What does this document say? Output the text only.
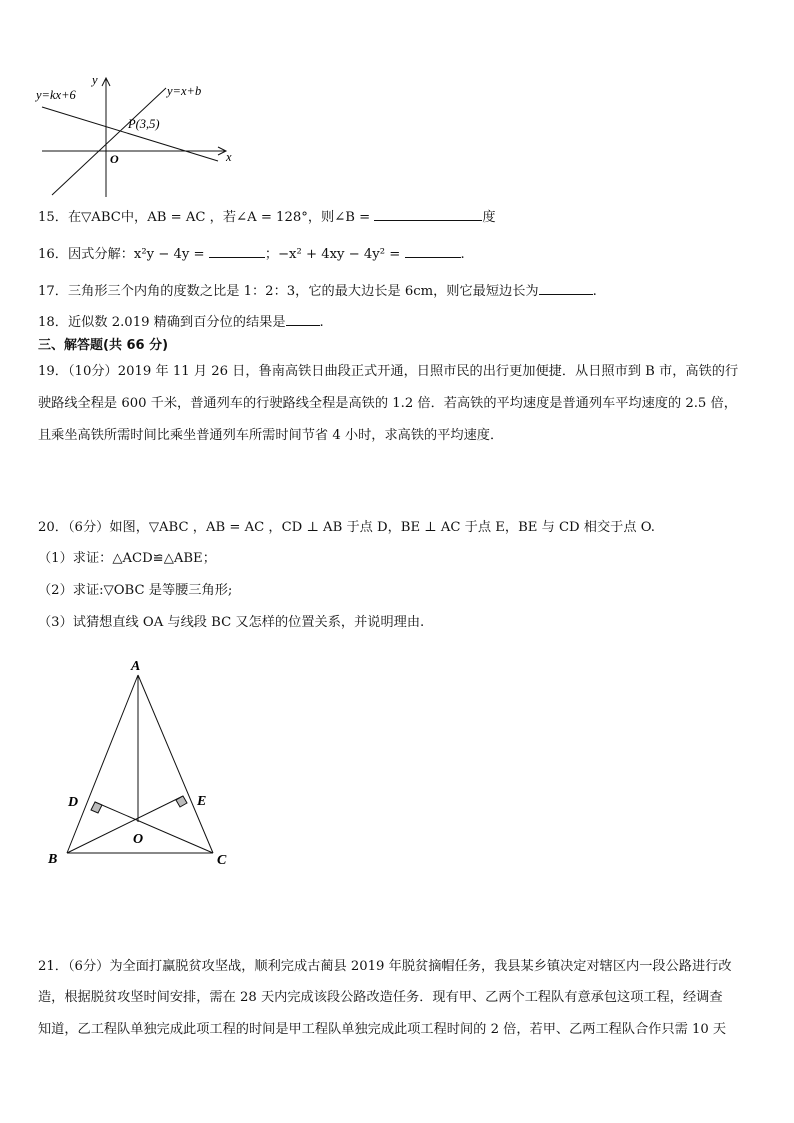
y=kx+6	y=x+b
P(3,5)
O	x
y
15．在▽ABC中，AB = AC ，若∠A = 128°，则∠B =	度
16．因式分解：x²y − 4y =	；−x² + 4xy − 4y² =	.
17．三角形三个内角的度数之比是 1：2：3，它的最大边长是 6cm，则它最短边长为	.
18．近似数 2.019 精确到百分位的结果是	.
三、解答题(共 66 分)
19．（10分）2019 年 11 月 26 日，鲁南高铁日曲段正式开通，日照市民的出行更加便捷．从日照市到 B 市，高铁的行
驶路线全程是 600 千米，普通列车的行驶路线全程是高铁的 1.2 倍．若高铁的平均速度是普通列车平均速度的 2.5 倍，
且乘坐高铁所需时间比乘坐普通列车所需时间节省 4 小时，求高铁的平均速度．
20．（6分）如图，▽ABC ，AB = AC ，CD ⊥ AB 于点 D，BE ⊥ AC 于点 E，BE 与 CD 相交于点 O.
（1）求证：△ACD≌△ABE；
（2）求证:▽OBC 是等腰三角形;
（3）试猜想直线 OA 与线段 BC 又怎样的位置关系，并说明理由.
A
B	C
D	E
O
21．（6分）为全面打赢脱贫攻坚战，顺利完成古蔺县 2019 年脱贫摘帽任务，我县某乡镇决定对辖区内一段公路进行改
造，根据脱贫攻坚时间安排，需在 28 天内完成该段公路改造任务．现有甲、乙两个工程队有意承包这项工程，经调查
知道，乙工程队单独完成此项工程的时间是甲工程队单独完成此项工程时间的 2 倍，若甲、乙两工程队合作只需 10 天
